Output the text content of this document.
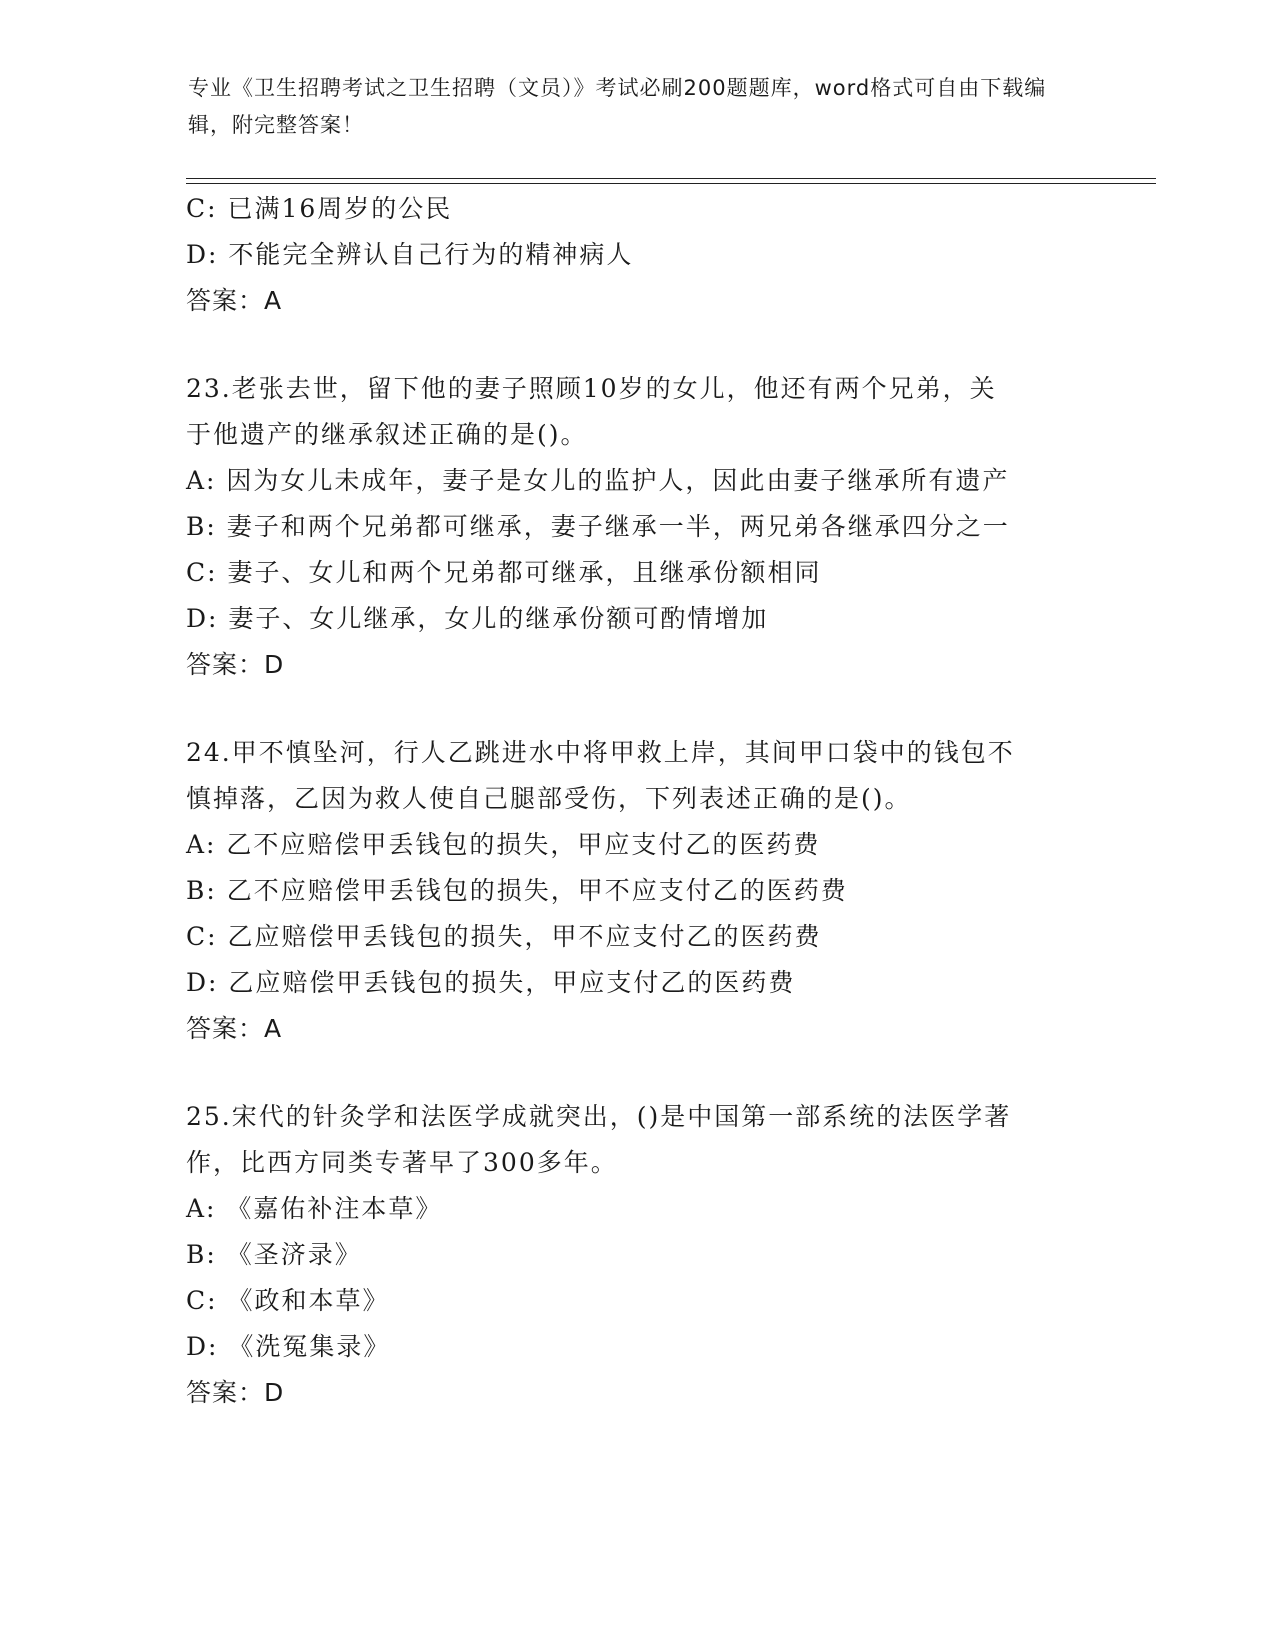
专业《卫生招聘考试之卫生招聘（文员）》考试必刷200题题库，word格式可自由下载编辑，附完整答案！
C: 已满16周岁的公民
D: 不能完全辨认自己行为的精神病人
答案：A
23.老张去世，留下他的妻子照顾10岁的女儿，他还有两个兄弟，关
于他遗产的继承叙述正确的是()。
A: 因为女儿未成年，妻子是女儿的监护人，因此由妻子继承所有遗产
B: 妻子和两个兄弟都可继承，妻子继承一半，两兄弟各继承四分之一
C: 妻子、女儿和两个兄弟都可继承，且继承份额相同
D: 妻子、女儿继承，女儿的继承份额可酌情增加
答案：D
24.甲不慎坠河，行人乙跳进水中将甲救上岸，其间甲口袋中的钱包不
慎掉落，乙因为救人使自己腿部受伤，下列表述正确的是()。
A: 乙不应赔偿甲丢钱包的损失，甲应支付乙的医药费
B: 乙不应赔偿甲丢钱包的损失，甲不应支付乙的医药费
C: 乙应赔偿甲丢钱包的损失，甲不应支付乙的医药费
D: 乙应赔偿甲丢钱包的损失，甲应支付乙的医药费
答案：A
25.宋代的针灸学和法医学成就突出，()是中国第一部系统的法医学著
作，比西方同类专著早了300多年。
A: 《嘉佑补注本草》
B: 《圣济录》
C: 《政和本草》
D: 《洗冤集录》
答案：D
